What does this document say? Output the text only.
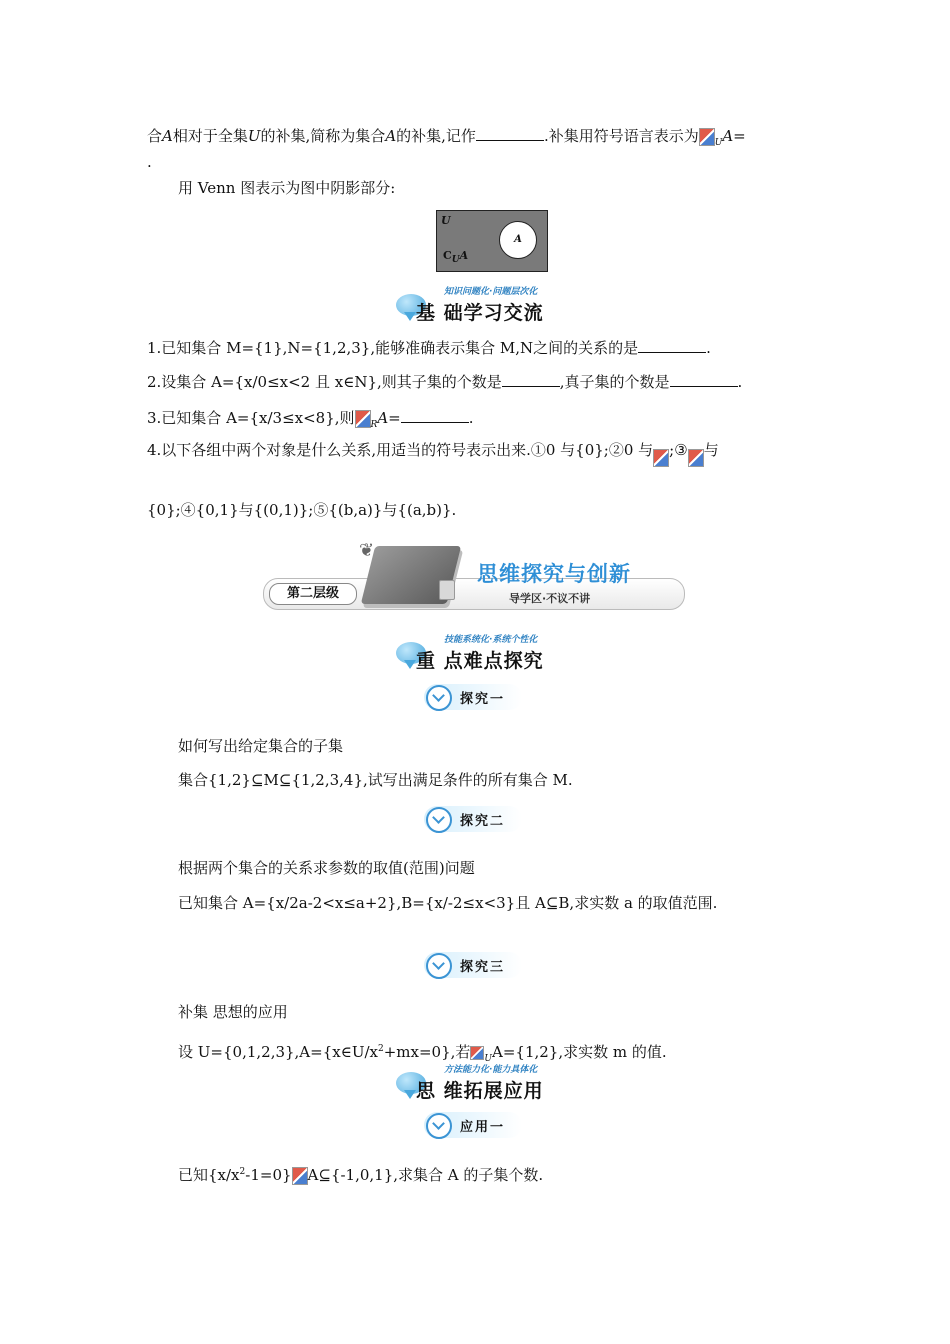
合A相对于全集U的补集,简称为集合A的补集,记作	.补集用符号语言表示为 $_U$A=
.
用 Venn 图表示为图中阴影部分:
U
$C_UA$
A
知识问题化·问题层次化
基 础学习交流
1.已知集合 M={1},N={1,2,3},能够准确表示集合 M,N之间的关系的是	.
2.设集合 A={x/0≤x<2 且 x∈N},则其子集的个数是	,真子集的个数是	.
3.已知集合 A={x/3≤x<8},则 $_R$A=	.
4.以下各组中两个对象是什么关系,用适当的符号表示出来.①0 与{0};②0 与 ;③ 与
{0};④{0,1}与{(0,1)};⑤{(b,a)}与{(a,b)}.
第二层级
❦
思维探究与创新
导学区·不议不讲
技能系统化·系统个性化
重 点难点探究
探究一
如何写出给定集合的子集
集合{1,2}⊆M⊆{1,2,3,4},试写出满足条件的所有集合 M.
探究二
根据两个集合的关系求参数的取值(范围)问题
已知集合 A={x/2a-2<x≤a+2},B={x/-2≤x<3}且 A⊆B,求实数 a 的取值范围.
探究三
补集 思想的应用
设 $U=\{0,1,2,3\},A=\{x\in U/x^2+mx=0\}$,若 $_U$A={1,2},求实数 m 的值.
方法能力化·能力具体化
思 维拓展应用
应用一
已知$\{x/x^2-1=0\}$ A⊆{-1,0,1},求集合 A 的子集个数.
